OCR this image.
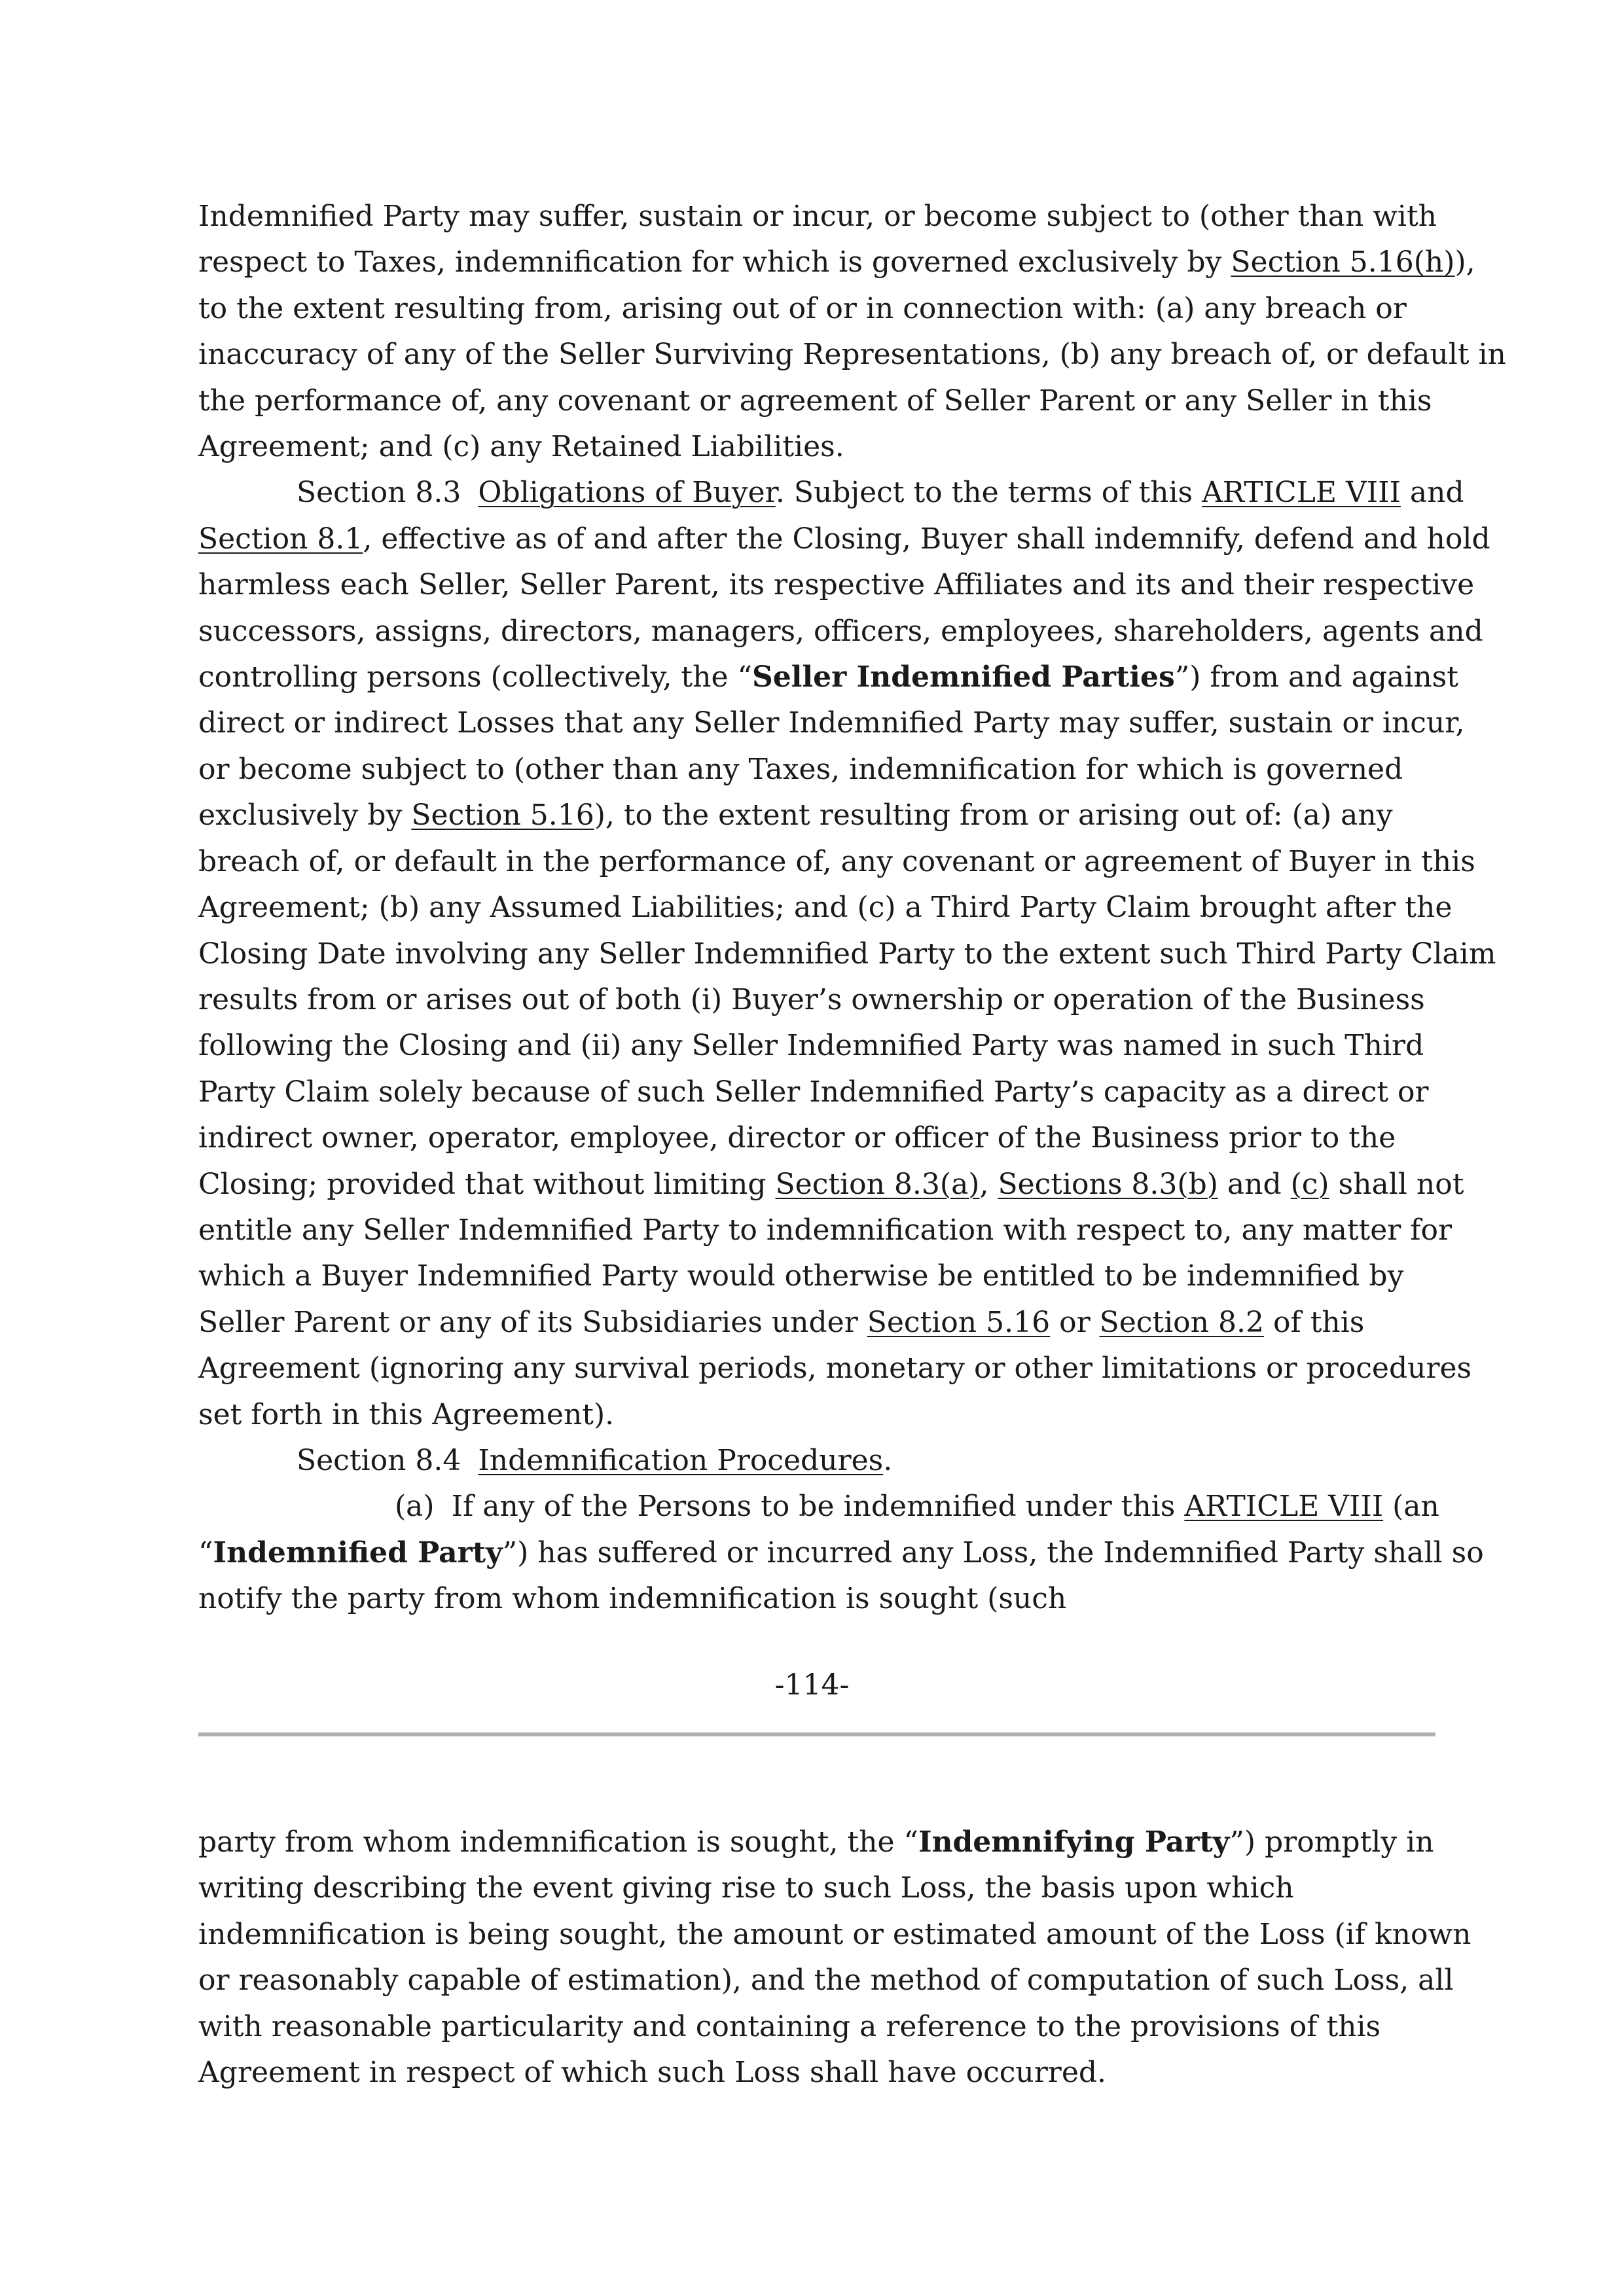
Indemnified Party may suffer, sustain or incur, or become subject to (other than with
respect to Taxes, indemnification for which is governed exclusively by Section 5.16(h)),
to the extent resulting from, arising out of or in connection with: (a) any breach or
inaccuracy of any of the Seller Surviving Representations, (b) any breach of, or default in
the performance of, any covenant or agreement of Seller Parent or any Seller in this
Agreement; and (c) any Retained Liabilities.
Section 8.3 Obligations of Buyer. Subject to the terms of this ARTICLE VIII and
Section 8.1, effective as of and after the Closing, Buyer shall indemnify, defend and hold
harmless each Seller, Seller Parent, its respective Affiliates and its and their respective
successors, assigns, directors, managers, officers, employees, shareholders, agents and
controlling persons (collectively, the “Seller Indemnified Parties”) from and against
direct or indirect Losses that any Seller Indemnified Party may suffer, sustain or incur,
or become subject to (other than any Taxes, indemnification for which is governed
exclusively by Section 5.16), to the extent resulting from or arising out of: (a) any
breach of, or default in the performance of, any covenant or agreement of Buyer in this
Agreement; (b) any Assumed Liabilities; and (c) a Third Party Claim brought after the
Closing Date involving any Seller Indemnified Party to the extent such Third Party Claim
results from or arises out of both (i) Buyer’s ownership or operation of the Business
following the Closing and (ii) any Seller Indemnified Party was named in such Third
Party Claim solely because of such Seller Indemnified Party’s capacity as a direct or
indirect owner, operator, employee, director or officer of the Business prior to the
Closing; provided that without limiting Section 8.3(a), Sections 8.3(b) and (c) shall not
entitle any Seller Indemnified Party to indemnification with respect to, any matter for
which a Buyer Indemnified Party would otherwise be entitled to be indemnified by
Seller Parent or any of its Subsidiaries under Section 5.16 or Section 8.2 of this
Agreement (ignoring any survival periods, monetary or other limitations or procedures
set forth in this Agreement).
Section 8.4 Indemnification Procedures.
(a) If any of the Persons to be indemnified under this ARTICLE VIII (an
“Indemnified Party”) has suffered or incurred any Loss, the Indemnified Party shall so
notify the party from whom indemnification is sought (such
-114-
party from whom indemnification is sought, the “Indemnifying Party”) promptly in
writing describing the event giving rise to such Loss, the basis upon which
indemnification is being sought, the amount or estimated amount of the Loss (if known
or reasonably capable of estimation), and the method of computation of such Loss, all
with reasonable particularity and containing a reference to the provisions of this
Agreement in respect of which such Loss shall have occurred.
